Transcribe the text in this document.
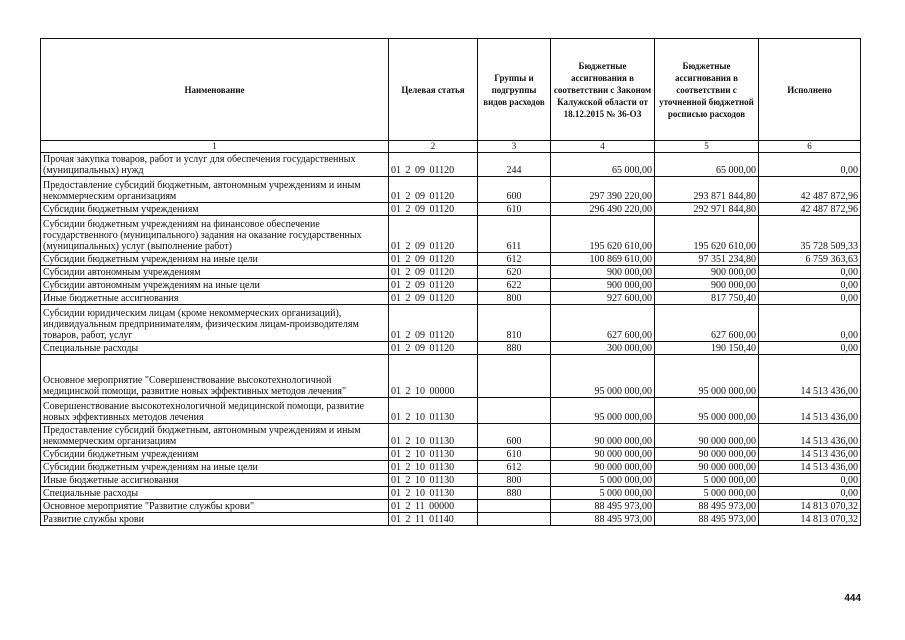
Наименование	Целевая статья	Группы и подгруппы видов расходов	Бюджетные ассигнования в соответствии с Законом Калужской области от 18.12.2015 № 36-ОЗ	Бюджетные ассигнования в соответствии с уточненной бюджетной росписью расходов	Исполнено
1	2	3	4	5	6
Прочая закупка товаров, работ и услуг для обеспечения государственных (муниципальных) нужд	01 2 09 01120	244	65 000,00	65 000,00	0,00
Предоставление субсидий бюджетным, автономным учреждениям и иным некоммерческим организациям	01 2 09 01120	600	297 390 220,00	293 871 844,80	42 487 872,96
Субсидии бюджетным учреждениям	01 2 09 01120	610	296 490 220,00	292 971 844,80	42 487 872,96
Субсидии бюджетным учреждениям на финансовое обеспечение государственного (муниципального) задания на оказание государственных (муниципальных) услуг (выполнение работ)	01 2 09 01120	611	195 620 610,00	195 620 610,00	35 728 509,33
Субсидии бюджетным учреждениям на иные цели	01 2 09 01120	612	100 869 610,00	97 351 234,80	6 759 363,63
Субсидии автономным учреждениям	01 2 09 01120	620	900 000,00	900 000,00	0,00
Субсидии автономным учреждениям на иные цели	01 2 09 01120	622	900 000,00	900 000,00	0,00
Иные бюджетные ассигнования	01 2 09 01120	800	927 600,00	817 750,40	0,00
Субсидии юридическим лицам (кроме некоммерческих организаций), индивидуальным предпринимателям, физическим лицам-производителям товаров, работ, услуг	01 2 09 01120	810	627 600,00	627 600,00	0,00
Специальные расходы	01 2 09 01120	880	300 000,00	190 150,40	0,00
Основное мероприятие "Совершенствование высокотехнологичной медицинской помощи, развитие новых эффективных методов лечения"	01 2 10 00000		95 000 000,00	95 000 000,00	14 513 436,00
Совершенствование высокотехнологичной медицинской помощи, развитие новых эффективных методов лечения	01 2 10 01130		95 000 000,00	95 000 000,00	14 513 436,00
Предоставление субсидий бюджетным, автономным учреждениям и иным некоммерческим организациям	01 2 10 01130	600	90 000 000,00	90 000 000,00	14 513 436,00
Субсидии бюджетным учреждениям	01 2 10 01130	610	90 000 000,00	90 000 000,00	14 513 436,00
Субсидии бюджетным учреждениям на иные цели	01 2 10 01130	612	90 000 000,00	90 000 000,00	14 513 436,00
Иные бюджетные ассигнования	01 2 10 01130	800	5 000 000,00	5 000 000,00	0,00
Специальные расходы	01 2 10 01130	880	5 000 000,00	5 000 000,00	0,00
Основное мероприятие "Развитие службы крови"	01 2 11 00000		88 495 973,00	88 495 973,00	14 813 070,32
Развитие службы крови	01 2 11 01140		88 495 973,00	88 495 973,00	14 813 070,32
444
